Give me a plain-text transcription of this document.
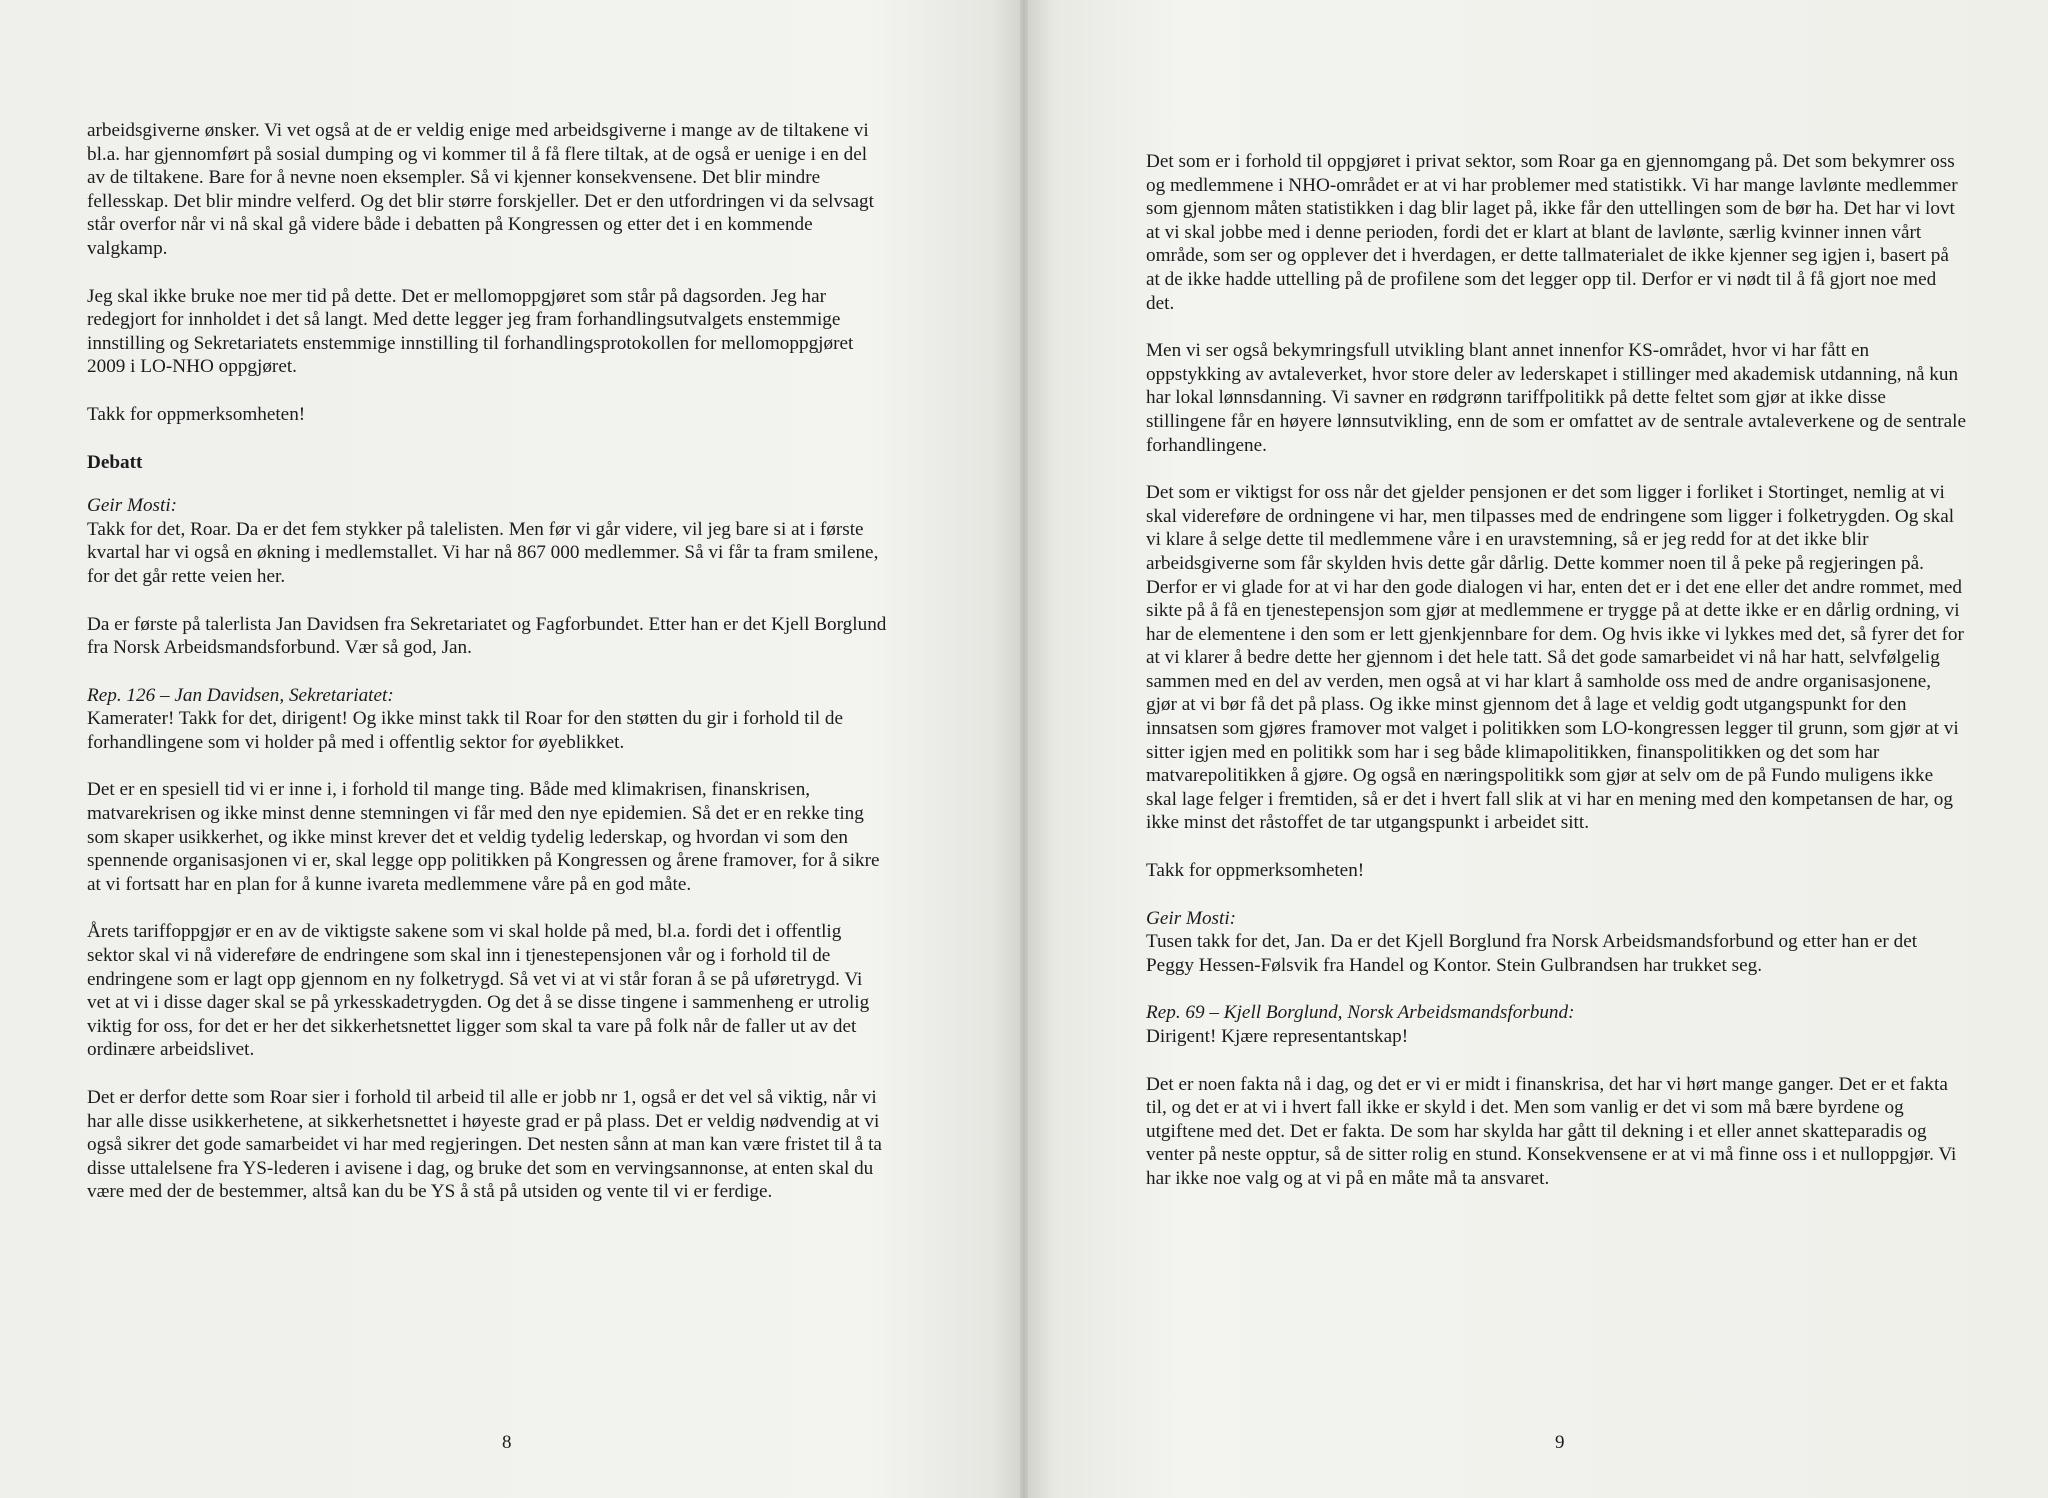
arbeidsgiverne ønsker. Vi vet også at de er veldig enige med arbeidsgiverne i mange av de tiltakene vi bl.a. har gjennomført på sosial dumping og vi kommer til å få flere tiltak, at de også er uenige i en del av de tiltakene. Bare for å nevne noen eksempler. Så vi kjenner konsekvensene. Det blir mindre fellesskap. Det blir mindre velferd. Og det blir større forskjeller. Det er den utfordringen vi da selvsagt står overfor når vi nå skal gå videre både i debatten på Kongressen og etter det i en kommende valgkamp.

Jeg skal ikke bruke noe mer tid på dette. Det er mellomoppgjøret som står på dagsorden. Jeg har redegjort for innholdet i det så langt. Med dette legger jeg fram forhandlingsutvalgets enstemmige innstilling og Sekretariatets enstemmige innstilling til forhandlingsprotokollen for mellomoppgjøret 2009 i LO-NHO oppgjøret.

Takk for oppmerksomheten!

Debatt

Geir Mosti:

Takk for det, Roar. Da er det fem stykker på talelisten. Men før vi går videre, vil jeg bare si at i første kvartal har vi også en økning i medlemstallet. Vi har nå 867 000 medlemmer. Så vi får ta fram smilene, for det går rette veien her.

Da er første på talerlista Jan Davidsen fra Sekretariatet og Fagforbundet. Etter han er det Kjell Borglund fra Norsk Arbeidsmandsforbund. Vær så god, Jan.

Rep. 126 – Jan Davidsen, Sekretariatet:

Kamerater! Takk for det, dirigent! Og ikke minst takk til Roar for den støtten du gir i forhold til de forhandlingene som vi holder på med i offentlig sektor for øyeblikket.

Det er en spesiell tid vi er inne i, i forhold til mange ting. Både med klimakrisen, finanskrisen, matvarekrisen og ikke minst denne stemningen vi får med den nye epidemien. Så det er en rekke ting som skaper usikkerhet, og ikke minst krever det et veldig tydelig lederskap, og hvordan vi som den spennende organisasjonen vi er, skal legge opp politikken på Kongressen og årene framover, for å sikre at vi fortsatt har en plan for å kunne ivareta medlemmene våre på en god måte.

Årets tariffoppgjør er en av de viktigste sakene som vi skal holde på med, bl.a. fordi det i offentlig sektor skal vi nå videreføre de endringene som skal inn i tjenestepensjonen vår og i forhold til de endringene som er lagt opp gjennom en ny folketrygd. Så vet vi at vi står foran å se på uføretrygd. Vi vet at vi i disse dager skal se på yrkesskadetrygden. Og det å se disse tingene i sammenheng er utrolig viktig for oss, for det er her det sikkerhetsnettet ligger som skal ta vare på folk når de faller ut av det ordinære arbeidslivet.

Det er derfor dette som Roar sier i forhold til arbeid til alle er jobb nr 1, også er det vel så viktig, når vi har alle disse usikkerhetene, at sikkerhetsnettet i høyeste grad er på plass. Det er veldig nødvendig at vi også sikrer det gode samarbeidet vi har med regjeringen. Det nesten sånn at man kan være fristet til å ta disse uttalelsene fra YS-lederen i avisene i dag, og bruke det som en vervingsannonse, at enten skal du være med der de bestemmer, altså kan du be YS å stå på utsiden og vente til vi er ferdige.

8

Det som er i forhold til oppgjøret i privat sektor, som Roar ga en gjennomgang på. Det som bekymrer oss og medlemmene i NHO-området er at vi har problemer med statistikk. Vi har mange lavlønte medlemmer som gjennom måten statistikken i dag blir laget på, ikke får den uttellingen som de bør ha. Det har vi lovt at vi skal jobbe med i denne perioden, fordi det er klart at blant de lavlønte, særlig kvinner innen vårt område, som ser og opplever det i hverdagen, er dette tallmaterialet de ikke kjenner seg igjen i, basert på at de ikke hadde uttelling på de profilene som det legger opp til. Derfor er vi nødt til å få gjort noe med det.

Men vi ser også bekymringsfull utvikling blant annet innenfor KS-området, hvor vi har fått en oppstykking av avtaleverket, hvor store deler av lederskapet i stillinger med akademisk utdanning, nå kun har lokal lønnsdanning. Vi savner en rødgrønn tariffpolitikk på dette feltet som gjør at ikke disse stillingene får en høyere lønnsutvikling, enn de som er omfattet av de sentrale avtaleverkene og de sentrale forhandlingene.

Det som er viktigst for oss når det gjelder pensjonen er det som ligger i forliket i Stortinget, nemlig at vi skal videreføre de ordningene vi har, men tilpasses med de endringene som ligger i folketrygden. Og skal vi klare å selge dette til medlemmene våre i en uravstemning, så er jeg redd for at det ikke blir arbeidsgiverne som får skylden hvis dette går dårlig. Dette kommer noen til å peke på regjeringen på. Derfor er vi glade for at vi har den gode dialogen vi har, enten det er i det ene eller det andre rommet, med sikte på å få en tjenestepensjon som gjør at medlemmene er trygge på at dette ikke er en dårlig ordning, vi har de elementene i den som er lett gjenkjennbare for dem. Og hvis ikke vi lykkes med det, så fyrer det for at vi klarer å bedre dette her gjennom i det hele tatt. Så det gode samarbeidet vi nå har hatt, selvfølgelig sammen med en del av verden, men også at vi har klart å samholde oss med de andre organisasjonene, gjør at vi bør få det på plass. Og ikke minst gjennom det å lage et veldig godt utgangspunkt for den innsatsen som gjøres framover mot valget i politikken som LO-kongressen legger til grunn, som gjør at vi sitter igjen med en politikk som har i seg både klimapolitikken, finanspolitikken og det som har matvarepolitikken å gjøre. Og også en næringspolitikk som gjør at selv om de på Fundo muligens ikke skal lage felger i fremtiden, så er det i hvert fall slik at vi har en mening med den kompetansen de har, og ikke minst det råstoffet de tar utgangspunkt i arbeidet sitt.

Takk for oppmerksomheten!

Geir Mosti:

Tusen takk for det, Jan. Da er det Kjell Borglund fra Norsk Arbeidsmandsforbund og etter han er det Peggy Hessen-Følsvik fra Handel og Kontor. Stein Gulbrandsen har trukket seg.

Rep. 69 – Kjell Borglund, Norsk Arbeidsmandsforbund:

Dirigent! Kjære representantskap!

Det er noen fakta nå i dag, og det er vi er midt i finanskrisa, det har vi hørt mange ganger. Det er et fakta til, og det er at vi i hvert fall ikke er skyld i det. Men som vanlig er det vi som må bære byrdene og utgiftene med det. Det er fakta. De som har skylda har gått til dekning i et eller annet skatteparadis og venter på neste opptur, så de sitter rolig en stund. Konsekvensene er at vi må finne oss i et nulloppgjør. Vi har ikke noe valg og at vi på en måte må ta ansvaret.

9
